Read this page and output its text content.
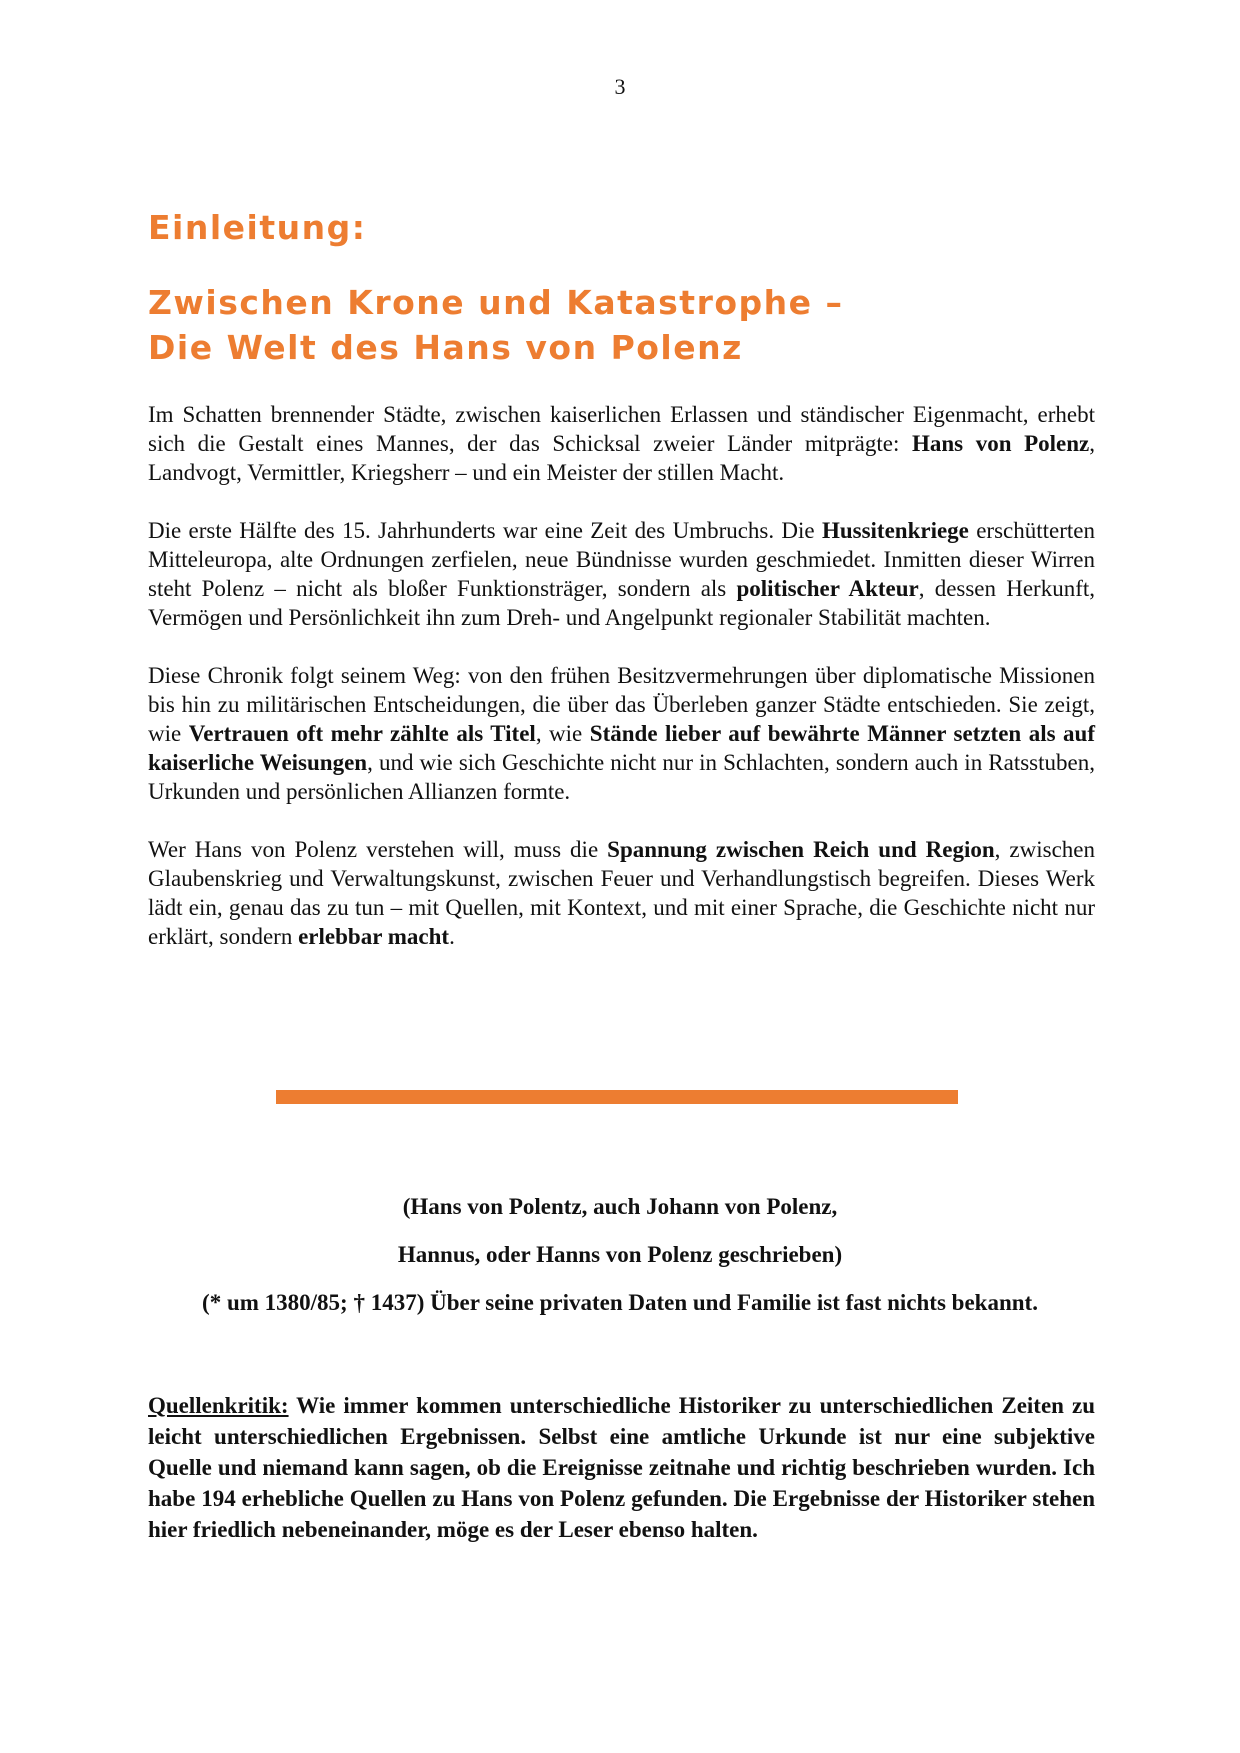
3
Einleitung:
Zwischen Krone und Katastrophe –
Die Welt des Hans von Polenz

Im Schatten brennender Städte, zwischen kaiserlichen Erlassen und ständischer Eigenmacht, erhebt sich die Gestalt eines Mannes, der das Schicksal zweier Länder mitprägte: Hans von Polenz, Landvogt, Vermittler, Kriegsherr – und ein Meister der stillen Macht.

Die erste Hälfte des 15. Jahrhunderts war eine Zeit des Umbruchs. Die Hussitenkriege erschütterten Mitteleuropa, alte Ordnungen zerfielen, neue Bündnisse wurden geschmiedet. Inmitten dieser Wirren steht Polenz – nicht als bloßer Funktionsträger, sondern als politischer Akteur, dessen Herkunft, Vermögen und Persönlichkeit ihn zum Dreh- und Angelpunkt regionaler Stabilität machten.

Diese Chronik folgt seinem Weg: von den frühen Besitzvermehrungen über diplomatische Missionen bis hin zu militärischen Entscheidungen, die über das Überleben ganzer Städte entschieden. Sie zeigt, wie Vertrauen oft mehr zählte als Titel, wie Stände lieber auf bewährte Männer setzten als auf kaiserliche Weisungen, und wie sich Geschichte nicht nur in Schlachten, sondern auch in Ratsstuben, Urkunden und persönlichen Allianzen formte.

Wer Hans von Polenz verstehen will, muss die Spannung zwischen Reich und Region, zwischen Glaubenskrieg und Verwaltungskunst, zwischen Feuer und Verhandlungstisch begreifen. Dieses Werk lädt ein, genau das zu tun – mit Quellen, mit Kontext, und mit einer Sprache, die Geschichte nicht nur erklärt, sondern erlebbar macht.

(Hans von Polentz, auch Johann von Polenz,
Hannus, oder Hanns von Polenz geschrieben)
(* um 1380/85; † 1437) Über seine privaten Daten und Familie ist fast nichts bekannt.
Quellenkritik: Wie immer kommen unterschiedliche Historiker zu unterschiedlichen Zeiten zu leicht unterschiedlichen Ergebnissen. Selbst eine amtliche Urkunde ist nur eine subjektive Quelle und niemand kann sagen, ob die Ereignisse zeitnahe und richtig beschrieben wurden. Ich habe 194 erhebliche Quellen zu Hans von Polenz gefunden. Die Ergebnisse der Historiker stehen hier friedlich nebeneinander, möge es der Leser ebenso halten.
